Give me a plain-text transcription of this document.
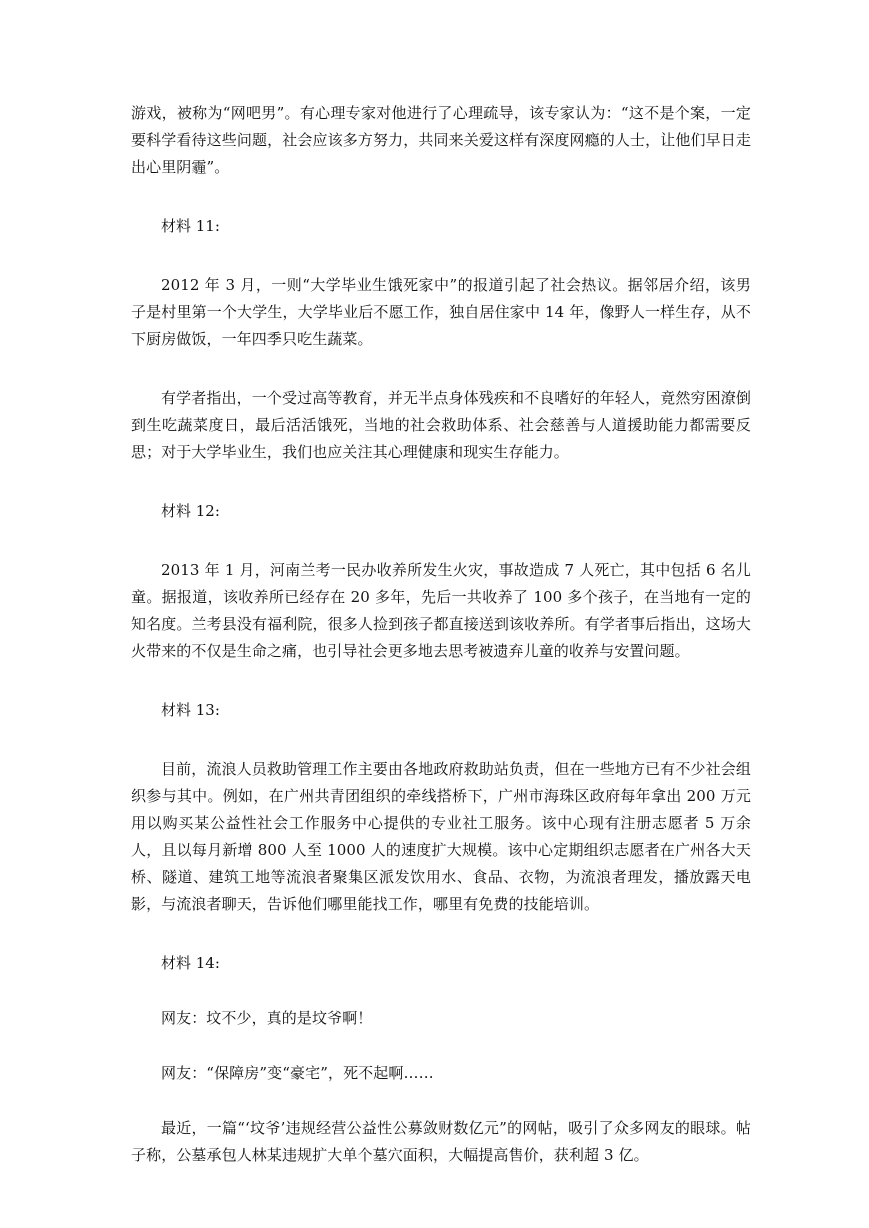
游戏，被称为“网吧男”。有心理专家对他进行了心理疏导，该专家认为：“这不是个案，一定要科学看待这些问题，社会应该多方努力，共同来关爱这样有深度网瘾的人士，让他们早日走出心里阴霾”。

材料 11:

2012 年 3 月，一则“大学毕业生饿死家中”的报道引起了社会热议。据邻居介绍，该男子是村里第一个大学生，大学毕业后不愿工作，独自居住家中 14 年，像野人一样生存，从不下厨房做饭，一年四季只吃生蔬菜。

有学者指出，一个受过高等教育，并无半点身体残疾和不良嗜好的年轻人，竟然穷困潦倒到生吃蔬菜度日，最后活活饿死，当地的社会救助体系、社会慈善与人道援助能力都需要反思；对于大学毕业生，我们也应关注其心理健康和现实生存能力。

材料 12:

2013 年 1 月，河南兰考一民办收养所发生火灾，事故造成 7 人死亡，其中包括 6 名儿童。据报道，该收养所已经存在 20 多年，先后一共收养了 100 多个孩子，在当地有一定的知名度。兰考县没有福利院，很多人捡到孩子都直接送到该收养所。有学者事后指出，这场大火带来的不仅是生命之痛，也引导社会更多地去思考被遗弃儿童的收养与安置问题。

材料 13:

目前，流浪人员救助管理工作主要由各地政府救助站负责，但在一些地方已有不少社会组织参与其中。例如，在广州共青团组织的牵线搭桥下，广州市海珠区政府每年拿出 200 万元用以购买某公益性社会工作服务中心提供的专业社工服务。该中心现有注册志愿者 5 万余人，且以每月新增 800 人至 1000 人的速度扩大规模。该中心定期组织志愿者在广州各大天桥、隧道、建筑工地等流浪者聚集区派发饮用水、食品、衣物，为流浪者理发，播放露天电影，与流浪者聊天，告诉他们哪里能找工作，哪里有免费的技能培训。

材料 14:

网友：坟不少，真的是坟爷啊！

网友：“保障房”变“豪宅”，死不起啊……

最近，一篇“‘坟爷’违规经营公益性公募敛财数亿元”的网帖，吸引了众多网友的眼球。帖子称，公墓承包人林某违规扩大单个墓穴面积，大幅提高售价，获利超 3 亿。
